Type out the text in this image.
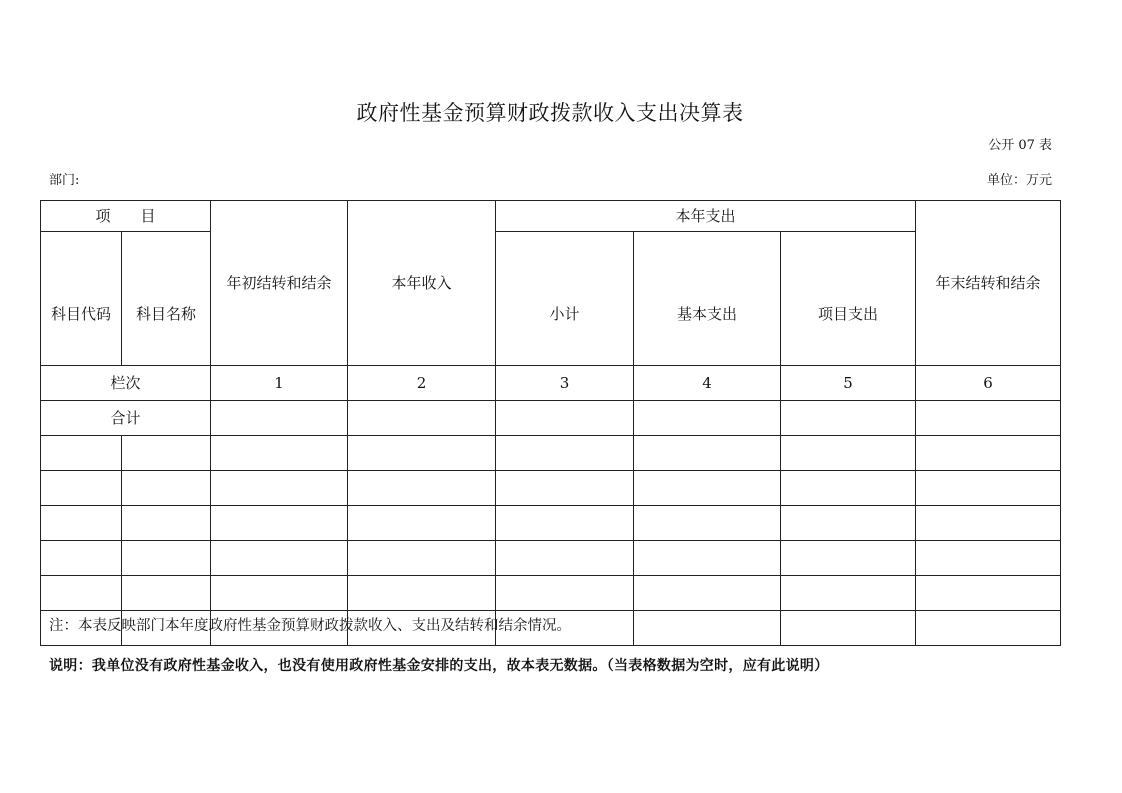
政府性基金预算财政拨款收入支出决算表
公开 07 表
部门:	单位：万元
项　　目		年初结转和结余	本年收入	本年支出			年末结转和结余
科目代码	科目名称			小计	基本支出	项目支出	
栏次		1	2	3	4	5	6
合计							

注：本表反映部门本年度政府性基金预算财政拨款收入、支出及结转和结余情况。
说明：我单位没有政府性基金收入，也没有使用政府性基金安排的支出，故本表无数据。（当表格数据为空时，应有此说明）
